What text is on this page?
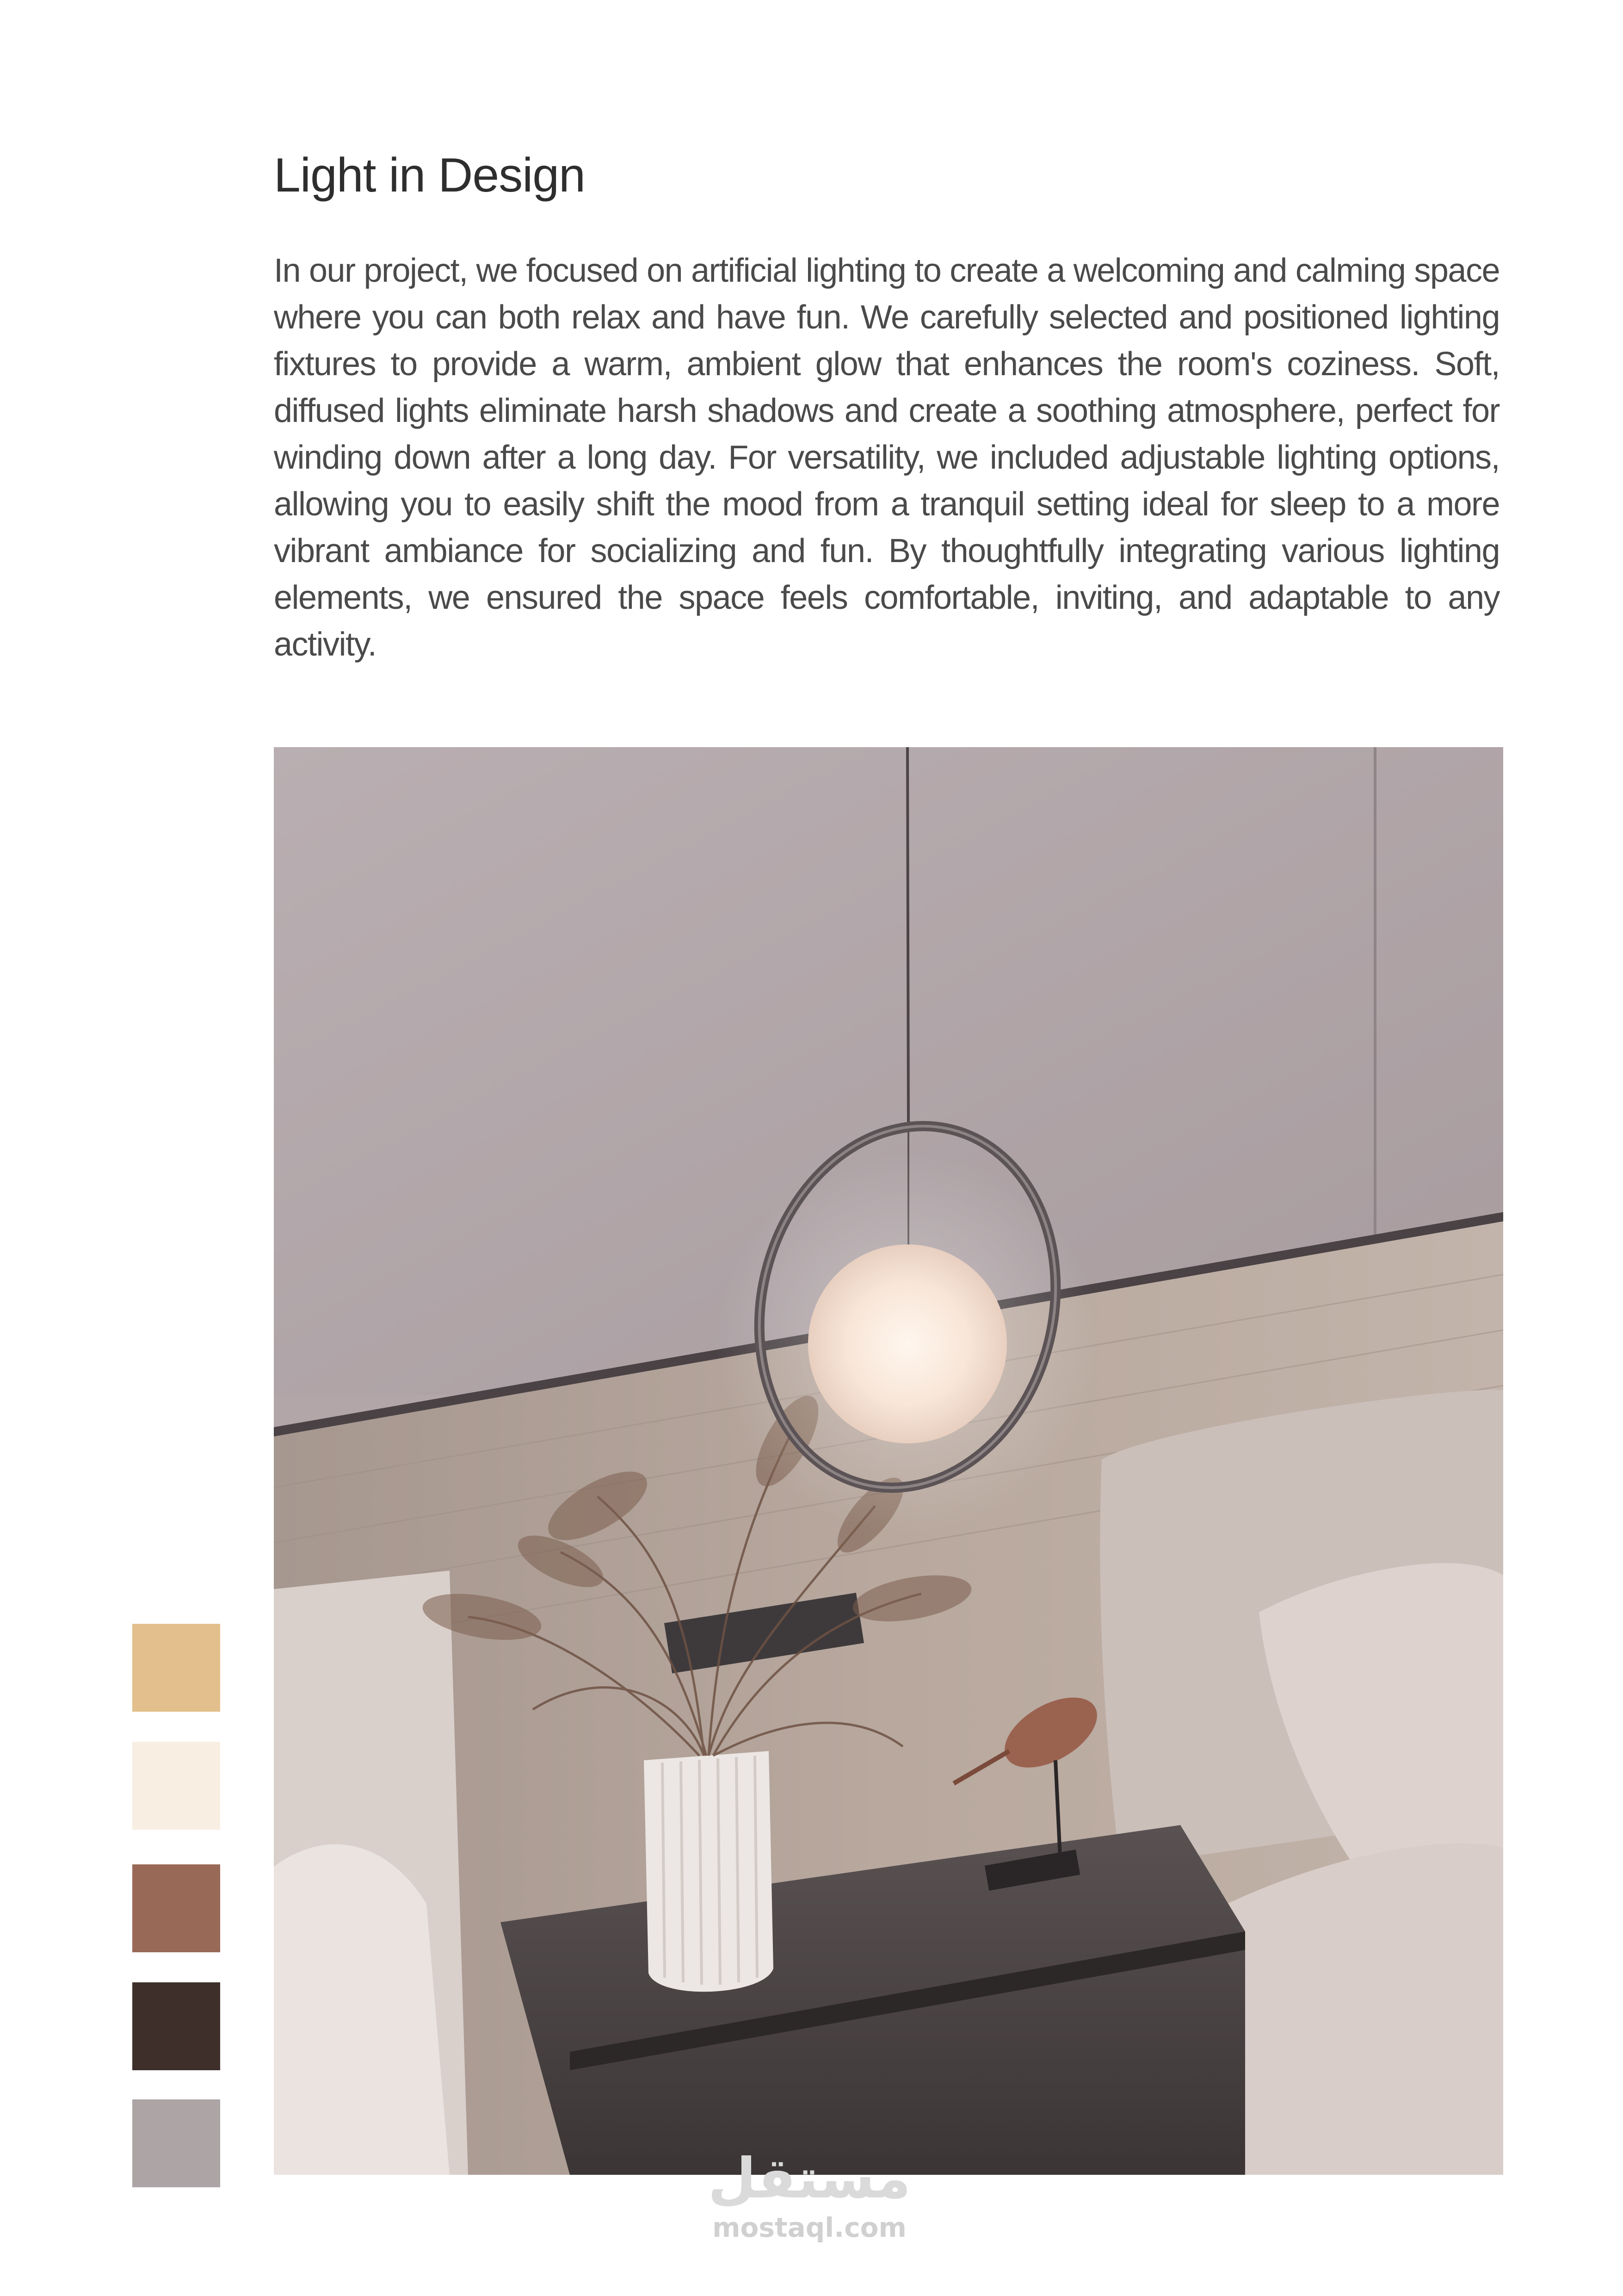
Light in Design

In our project, we focused on artificial lighting to create a welcoming and calming space where you can both relax and have fun. We carefully selected and positioned lighting fixtures to provide a warm, ambient glow that enhances the room's coziness. Soft, diffused lights eliminate harsh shadows and create a soothing atmosphere, perfect for winding down after a long day. For versatility, we included adjustable lighting options, allowing you to easily shift the mood from a tranquil setting ideal for sleep to a more vibrant ambiance for socializing and fun. By thoughtfully integrating various lighting elements, we ensured the space feels comfortable, inviting, and adaptable to any activity.

مستقل
mostaql.com
